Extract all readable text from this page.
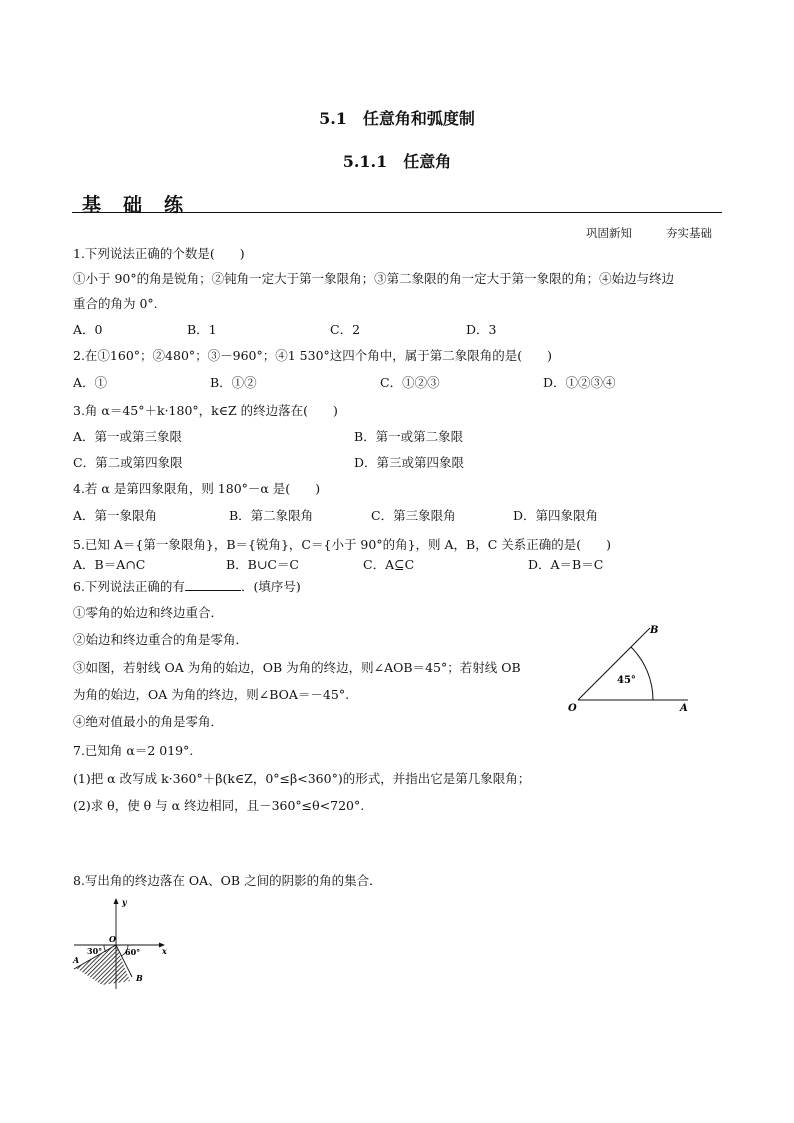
5.1　任意角和弧度制
5.1.1　任意角
基础练
巩固新知	夯实基础
1.下列说法正确的个数是(　　)
①小于 90°的角是锐角；②钝角一定大于第一象限角；③第二象限的角一定大于第一象限的角；④始边与终边
重合的角为 0°.
A．0	B．1	C．2	D．3
2.在①160°；②480°；③－960°；④1 530°这四个角中，属于第二象限角的是(　　)
A．①	B．①②	C．①②③	D．①②③④
3.角 α＝45°＋k·180°，k∈Z 的终边落在(　　)
A．第一或第三象限	B．第一或第二象限
C．第二或第四象限	D．第三或第四象限
4.若 α 是第四象限角，则 180°－α 是(　　)
A．第一象限角	B．第二象限角	C．第三象限角	D．第四象限角
5.已知 A＝{第一象限角}，B＝{锐角}，C＝{小于 90°的角}，则 A，B，C 关系正确的是(　　)
A．B＝A∩C	B．B∪C＝C	C．A⊆C	D．A＝B＝C
6.下列说法正确的有	．(填序号)
①零角的始边和终边重合．
②始边和终边重合的角是零角．
③如图，若射线 OA 为角的始边，OB 为角的终边，则∠AOB＝45°；若射线 OB
为角的始边，OA 为角的终边，则∠BOA＝－45°.
④绝对值最小的角是零角．
45°
O	A
B
7.已知角 α＝2 019°.
(1)把 α 改写成 k·360°＋β(k∈Z，0°≤β<360°)的形式，并指出它是第几象限角；
(2)求 θ，使 θ 与 α 终边相同，且－360°≤θ<720°.
8.写出角的终边落在 OA、OB 之间的阴影的角的集合．
y
x
O
30°	60°
A
B
